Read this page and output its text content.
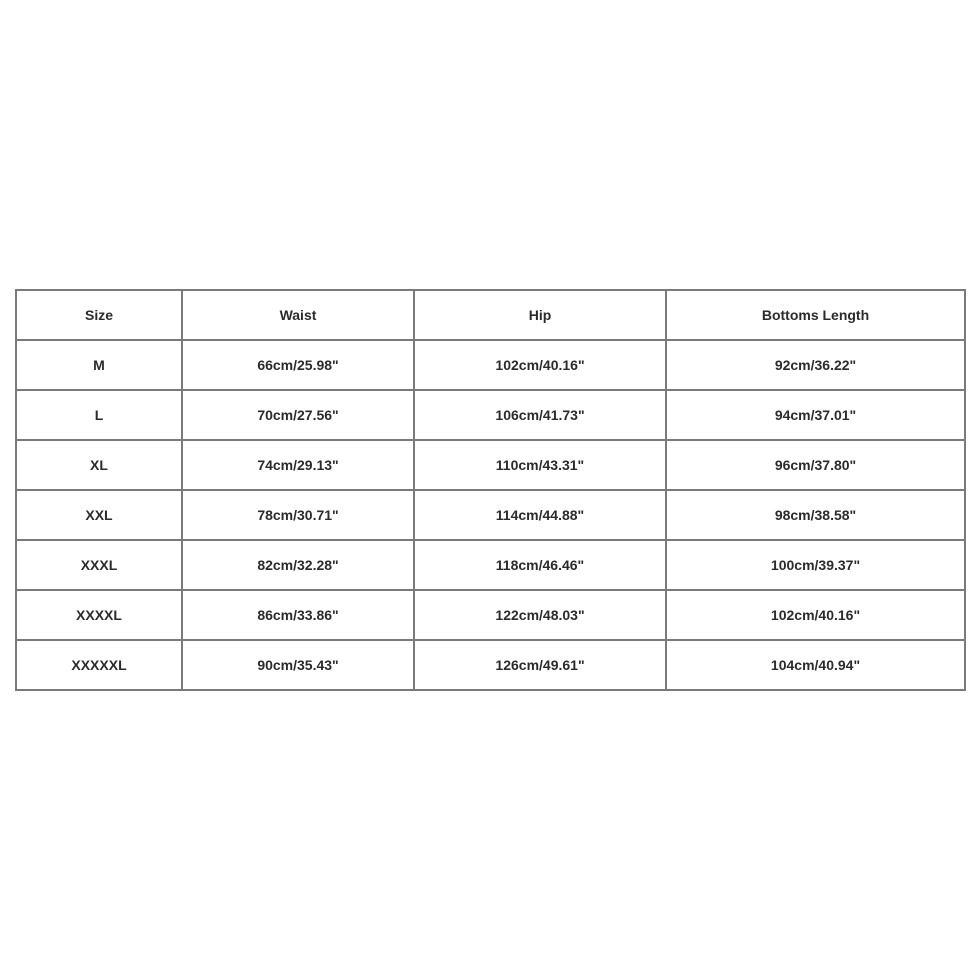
Size	Waist	Hip	Bottoms Length
M	66cm/25.98"	102cm/40.16"	92cm/36.22"
L	70cm/27.56"	106cm/41.73"	94cm/37.01"
XL	74cm/29.13"	110cm/43.31"	96cm/37.80"
XXL	78cm/30.71"	114cm/44.88"	98cm/38.58"
XXXL	82cm/32.28"	118cm/46.46"	100cm/39.37"
XXXXL	86cm/33.86"	122cm/48.03"	102cm/40.16"
XXXXXL	90cm/35.43"	126cm/49.61"	104cm/40.94"
